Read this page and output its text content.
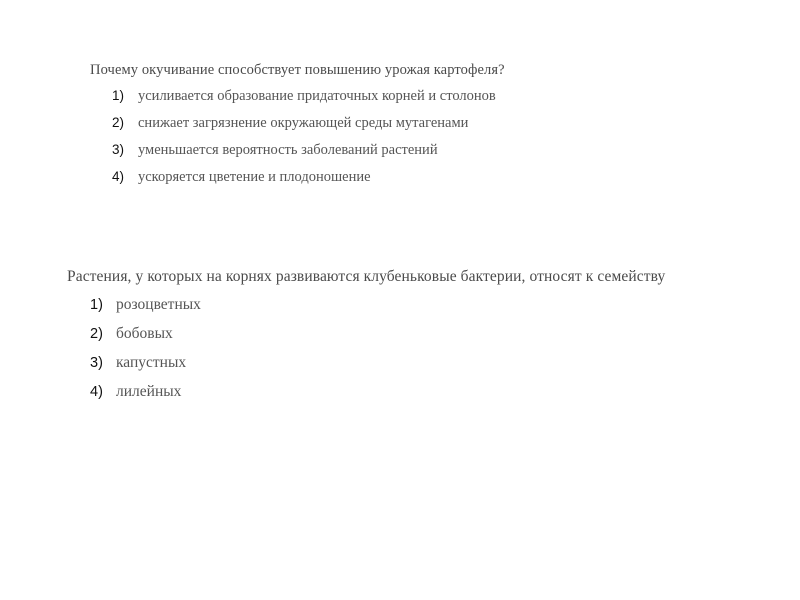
Почему окучивание способствует повышению урожая картофеля?
1) усиливается образование придаточных корней и столонов
2) снижает загрязнение окружающей среды мутагенами
3) уменьшается вероятность заболеваний растений
4) ускоряется цветение и плодоношение
Растения, у которых на корнях развиваются клубеньковые бактерии, относят к семейству
1) розоцветных
2) бобовых
3) капустных
4) лилейных
